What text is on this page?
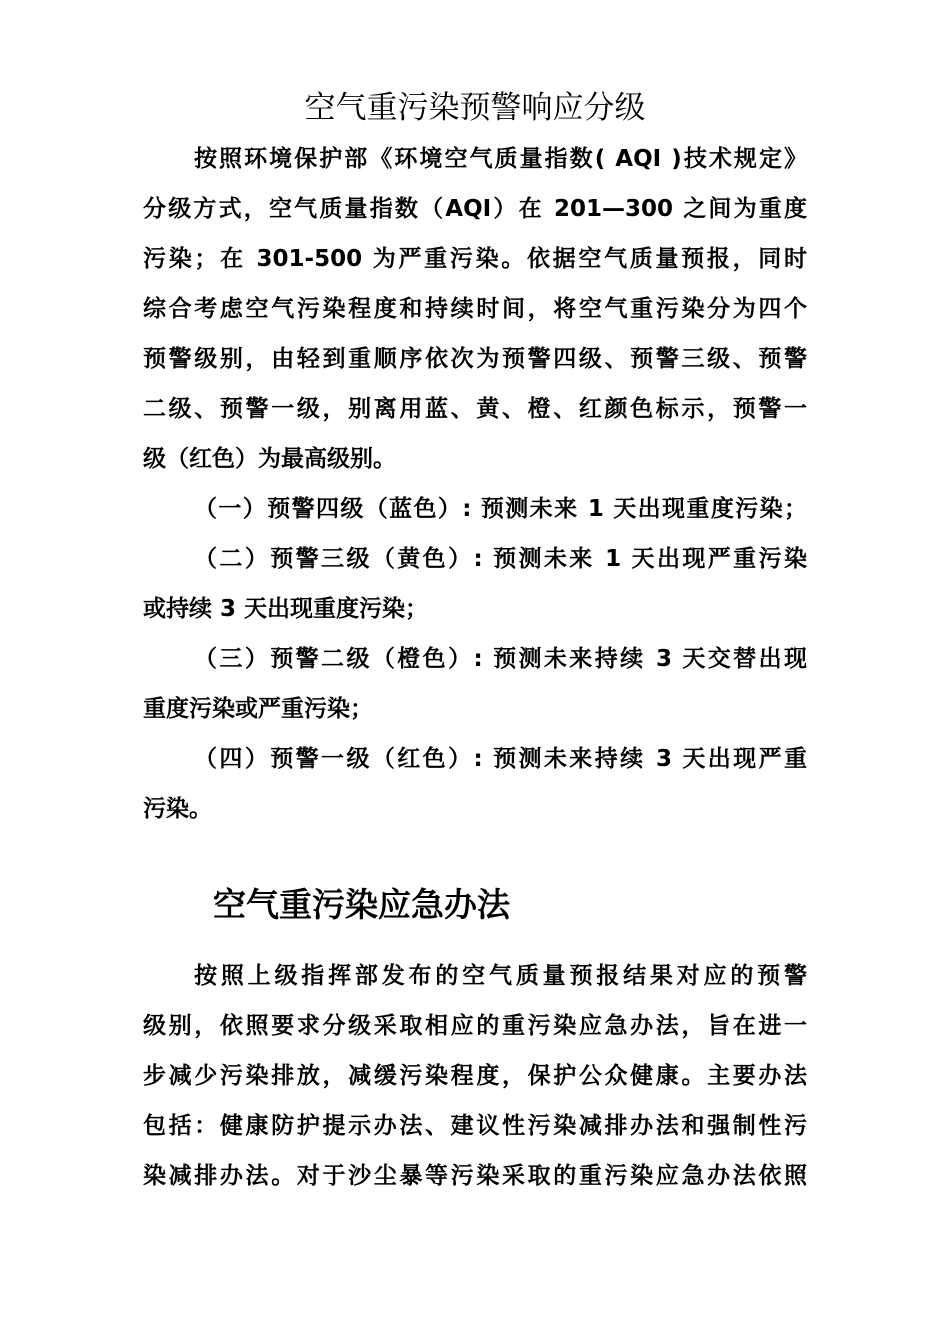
空气重污染预警响应分级

按照环境保护部《环境空气质量指数( AQI )技术规定》

分级方式，空气质量指数（AQI）在 201—300 之间为重度

污染；在 301-500 为严重污染。依据空气质量预报，同时

综合考虑空气污染程度和持续时间，将空气重污染分为四个

预警级别，由轻到重顺序依次为预警四级、预警三级、预警

二级、预警一级，别离用蓝、黄、橙、红颜色标示，预警一

级（红色）为最高级别。

（一）预警四级（蓝色）: 预测未来 1 天出现重度污染；

（二）预警三级（黄色）: 预测未来 1 天出现严重污染

或持续 3 天出现重度污染；

（三）预警二级（橙色）: 预测未来持续 3 天交替出现

重度污染或严重污染；

（四）预警一级（红色）: 预测未来持续 3 天出现严重

污染。

空气重污染应急办法

按照上级指挥部发布的空气质量预报结果对应的预警

级别，依照要求分级采取相应的重污染应急办法，旨在进一

步减少污染排放，减缓污染程度，保护公众健康。主要办法

包括：健康防护提示办法、建议性污染减排办法和强制性污

染减排办法。对于沙尘暴等污染采取的重污染应急办法依照
